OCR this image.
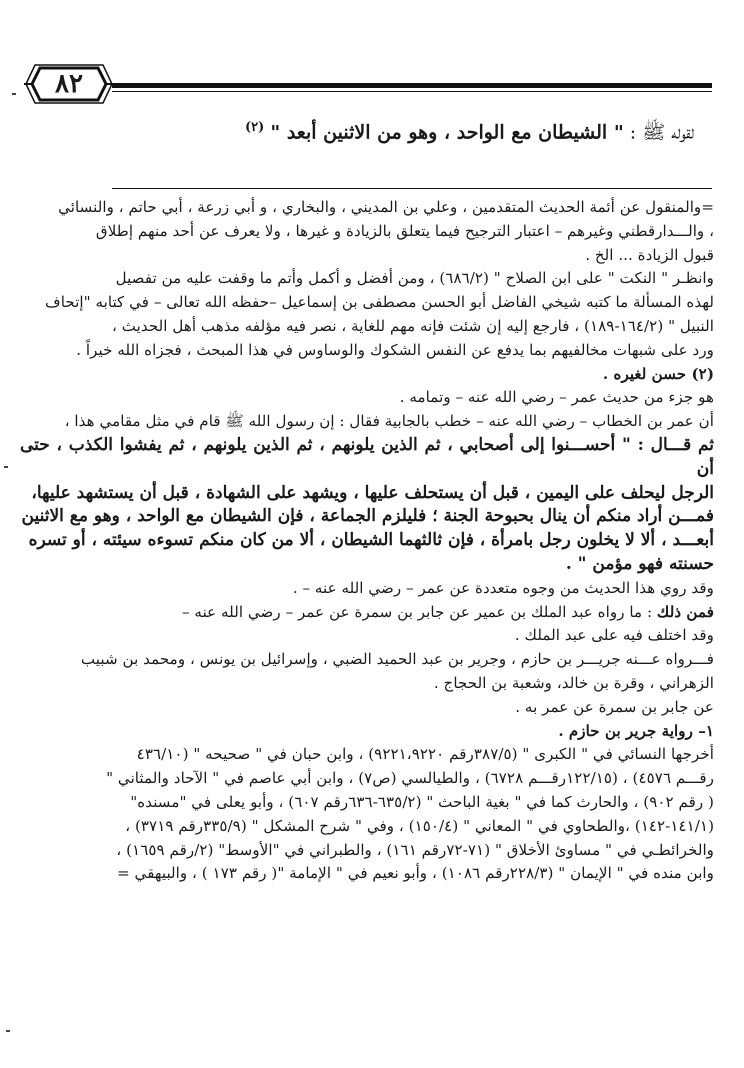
٨٢
لقوله ﷺ : " الشيطان مع الواحد ، وهو من الاثنين أبعد " $^{(٢)}$

=والمنقول عن أئمة الحديث المتقدمين ، وعلي بن المديني ، والبخاري ، و أبي زرعة ، أبي حاتم ، والنسائي

، والـــدارقطني وغيرهم – اعتبار الترجيح فيما يتعلق بالزيادة و غيرها ، ولا يعرف عن أحد منهم إطلاق

قبول الزيادة ... الخ .

وانظـر " النكت " على ابن الصلاح " (٦٨٦/٢) ، ومن أفضل و أكمل وأتم ما وقفت عليه من تفصيل

لهذه المسألة ما كتبه شيخي الفاضل أبو الحسن مصطفى بن إسماعيل –حفظه الله تعالى – في كتابه "إتحاف

النبيل " (١٦٤/٢-١٨٩) ، فارجع إليه إن شئت فإنه مهم للغاية ، نصر فيه مؤلفه مذهب أهل الحديث ،

ورد على شبهات مخالفيهم بما يدفع عن النفس الشكوك والوساوس في هذا المبحث ، فجزاه الله خيراً .

(٢) حسن لغيره .

هو جزء من حديث عمر – رضي الله عنه – وتمامه .

أن عمر بن الخطاب – رضي الله عنه – خطب بالجابية فقال : إن رسول الله ﷺ قام في مثل مقامي هذا ،

ثم قـــال : " أحســـنوا إلى أصحابي ، ثم الذين يلونهم ، ثم الذين يلونهم ، ثم يفشوا الكذب ، حتى أن

الرجل ليحلف على اليمين ، قبل أن يستحلف عليها ، ويشهد على الشهادة ، قبل أن يستشهد عليها،

فمـــن أراد منكم أن ينال بحبوحة الجنة ؛ فليلزم الجماعة ، فإن الشيطان مع الواحد ، وهو مع الاثنين

أبعـــد ، ألا لا يخلون رجل بامرأة ، فإن ثالثهما الشيطان ، ألا من كان منكم تسوءه سيئته ، أو تسره

حسنته فهو مؤمن " .

وقد روي هذا الحديث من وجوه متعددة عن عمر – رضي الله عنه – .

فمن ذلك : ما رواه عبد الملك بن عمير عن جابر بن سمرة عن عمر – رضي الله عنه –

وقد اختلف فيه على عبد الملك .

فـــرواه عـــنه جريـــر بن حازم ، وجرير بن عبد الحميد الضبي ، وإسرائيل بن يونس ، ومحمد بن شبيب

الزهراني ، وقرة بن خالد، وشعبة بن الحجاج .

عن جابر بن سمرة عن عمر به .

١– رواية جرير بن حازم .

أخرجها النسائي في " الكبرى " (٣٨٧/٥رقم ٩٢٢١،٩٢٢٠) ، وابن حبان في " صحيحه " (٤٣٦/١٠

رقـــم ٤٥٧٦) ، (١٢٢/١٥رقـــم ٦٧٢٨) ، والطيالسي (ص٧) ، وابن أبي عاصم في " الآحاد والمثاني "

( رقم ٩٠٢) ، والحارث كما في " بغية الباحث " (٦٣٥/٢-٦٣٦رقم ٦٠٧) ، وأبو يعلى في "مسنده"

(١٤١/١-١٤٢) ،والطحاوي في " المعاني " (١٥٠/٤) ، وفي " شرح المشكل " (٣٣٥/٩رقم ٣٧١٩) ،

والخرائطـي في " مساوئ الأخلاق " (٧١-٧٢رقم ١٦١) ، والطبراني في "الأوسط" (٢/رقم ١٦٥٩) ،

وابن منده في " الإيمان " (٢٢٨/٣رقم ١٠٨٦) ، وأبو نعيم في " الإمامة "( رقم ١٧٣ ) ، والبيهقي =
